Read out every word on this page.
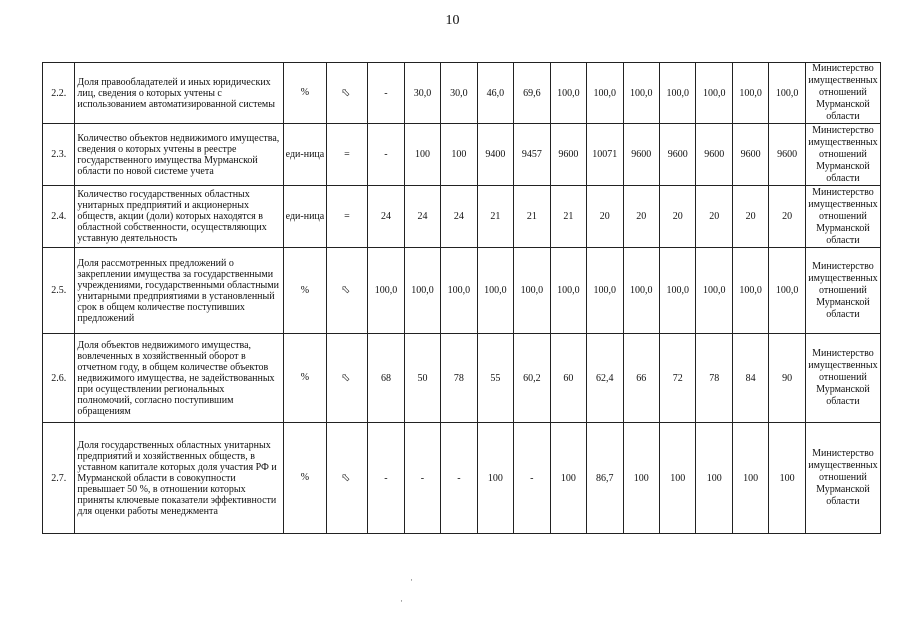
10
2.2.	Доля правообладателей и иных юридических лиц, сведения о которых учтены с использованием автоматизированной системы	%	⇧	-	30,0	30,0	46,0	69,6	100,0	100,0	100,0	100,0	100,0	100,0	100,0	Министерство имущественных отношений Мурманской области
2.3.	Количество объектов недвижимого имущества, сведения о которых учтены в реестре государственного имущества Мурманской области по новой системе учета	еди-ница	=	-	100	100	9400	9457	9600	10071	9600	9600	9600	9600	9600	Министерство имущественных отношений Мурманской области
2.4.	Количество государственных областных унитарных предприятий и акционерных обществ, акции (доли) которых находятся в областной собственности, осуществляющих уставную деятельность	еди-ница	=	24	24	24	21	21	21	20	20	20	20	20	20	Министерство имущественных отношений Мурманской области
2.5.	Доля рассмотренных предложений о закреплении имущества за государственными учреждениями, государственными областными унитарными предприятиями в установленный срок в общем количестве поступивших предложений	%	⇧	100,0	100,0	100,0	100,0	100,0	100,0	100,0	100,0	100,0	100,0	100,0	100,0	Министерство имущественных отношений Мурманской области
2.6.	Доля объектов недвижимого имущества, вовлеченных в хозяйственный оборот в отчетном году, в общем количестве объектов недвижимого имущества, не задействованных при осуществлении региональных полномочий, согласно поступившим обращениям	%	⇧	68	50	78	55	60,2	60	62,4	66	72	78	84	90	Министерство имущественных отношений Мурманской области
2.7.	Доля государственных областных унитарных предприятий и хозяйственных обществ, в уставном капитале которых доля участия РФ и Мурманской области в совокупности превышает 50 %, в отношении которых приняты ключевые показатели эффективности для оценки работы менеджмента	%	⇧	-	-	-	100	-	100	86,7	100	100	100	100	100	Министерство имущественных отношений Мурманской области
·
·
